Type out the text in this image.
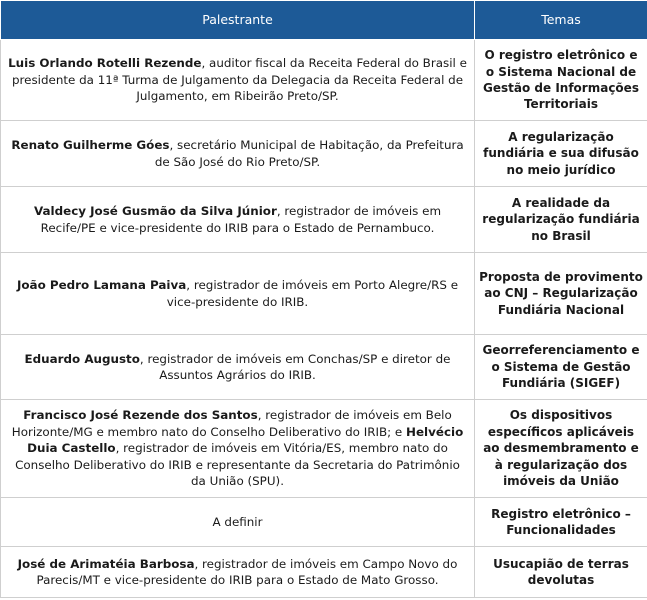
Palestrante	Temas
Luis Orlando Rotelli Rezende, auditor fiscal da Receita Federal do Brasil e presidente da 11ª Turma de Julgamento da Delegacia da Receita Federal de Julgamento, em Ribeirão Preto/SP.	O registro eletrônico e o Sistema Nacional de Gestão de Informações Territoriais
Renato Guilherme Góes, secretário Municipal de Habitação, da Prefeitura de São José do Rio Preto/SP.	A regularização fundiária e sua difusão no meio jurídico
Valdecy José Gusmão da Silva Júnior, registrador de imóveis em Recife/PE e vice-presidente do IRIB para o Estado de Pernambuco.	A realidade da regularização fundiária no Brasil
João Pedro Lamana Paiva, registrador de imóveis em Porto Alegre/RS e vice-presidente do IRIB.	Proposta de provimento ao CNJ – Regularização Fundiária Nacional
Eduardo Augusto, registrador de imóveis em Conchas/SP e diretor de Assuntos Agrários do IRIB.	Georreferenciamento e o Sistema de Gestão Fundiária (SIGEF)
Francisco José Rezende dos Santos, registrador de imóveis em Belo Horizonte/MG e membro nato do Conselho Deliberativo do IRIB; e Helvécio Duia Castello, registrador de imóveis em Vitória/ES, membro nato do Conselho Deliberativo do IRIB e representante da Secretaria do Patrimônio da União (SPU).	Os dispositivos específicos aplicáveis ao desmembramento e à regularização dos imóveis da União
A definir	Registro eletrônico – Funcionalidades
José de Arimatéia Barbosa, registrador de imóveis em Campo Novo do Parecis/MT e vice-presidente do IRIB para o Estado de Mato Grosso.	Usucapião de terras devolutas
